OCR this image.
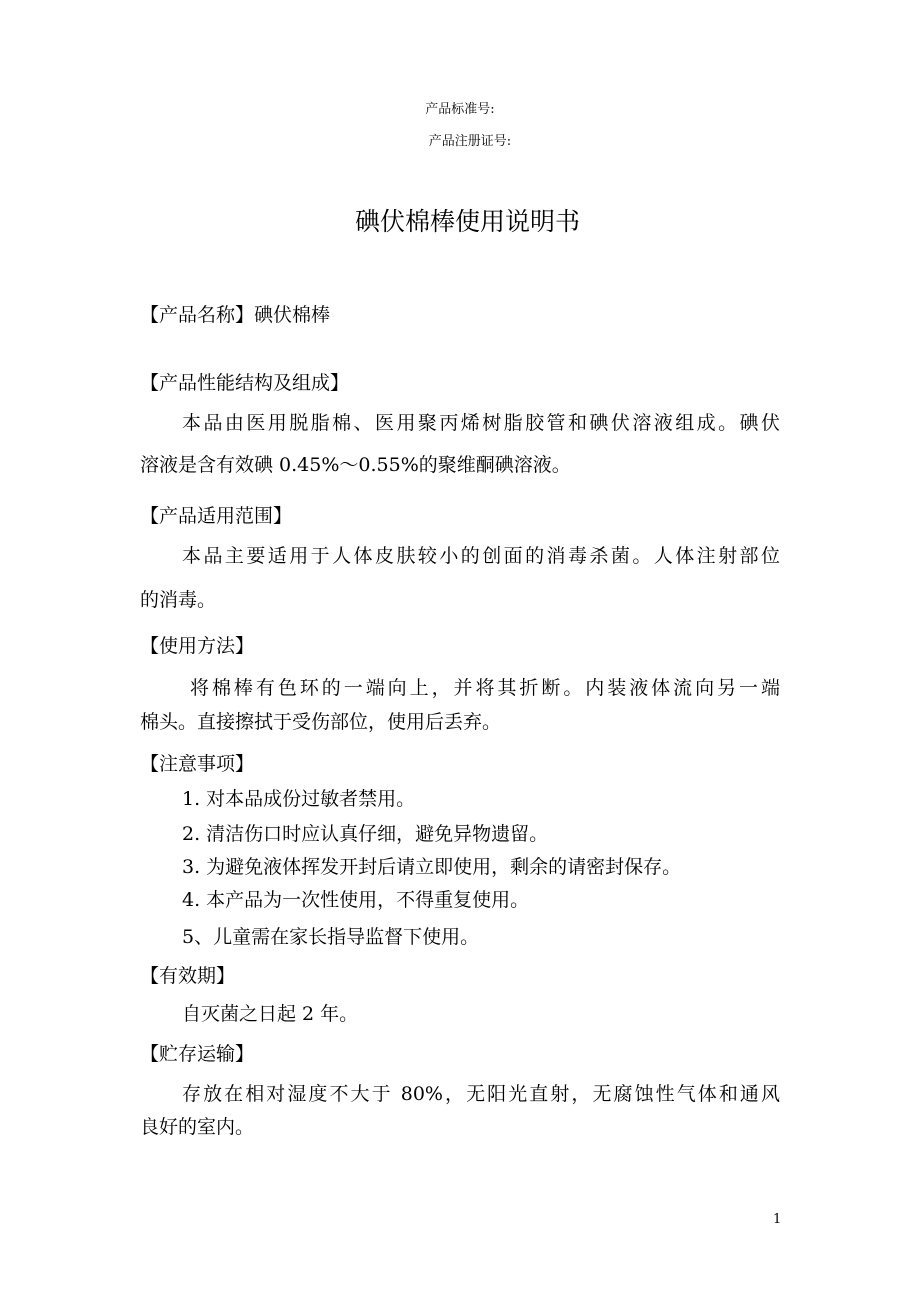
产品标准号:
产品注册证号:
碘伏棉棒使用说明书
【产品名称】碘伏棉棒
【产品性能结构及组成】
本品由医用脱脂棉、医用聚丙烯树脂胶管和碘伏溶液组成。碘伏
溶液是含有效碘 0.45%～0.55%的聚维酮碘溶液。
【产品适用范围】
本品主要适用于人体皮肤较小的创面的消毒杀菌。人体注射部位
的消毒。
【使用方法】
将棉棒有色环的一端向上，并将其折断。内装液体流向另一端
棉头。直接擦拭于受伤部位，使用后丢弃。
【注意事项】
1. 对本品成份过敏者禁用。
2. 清洁伤口时应认真仔细，避免异物遗留。
3. 为避免液体挥发开封后请立即使用，剩余的请密封保存。
4. 本产品为一次性使用，不得重复使用。
5、儿童需在家长指导监督下使用。
【有效期】
自灭菌之日起 2 年。
【贮存运输】
存放在相对湿度不大于 80%，无阳光直射，无腐蚀性气体和通风
良好的室内。
1
